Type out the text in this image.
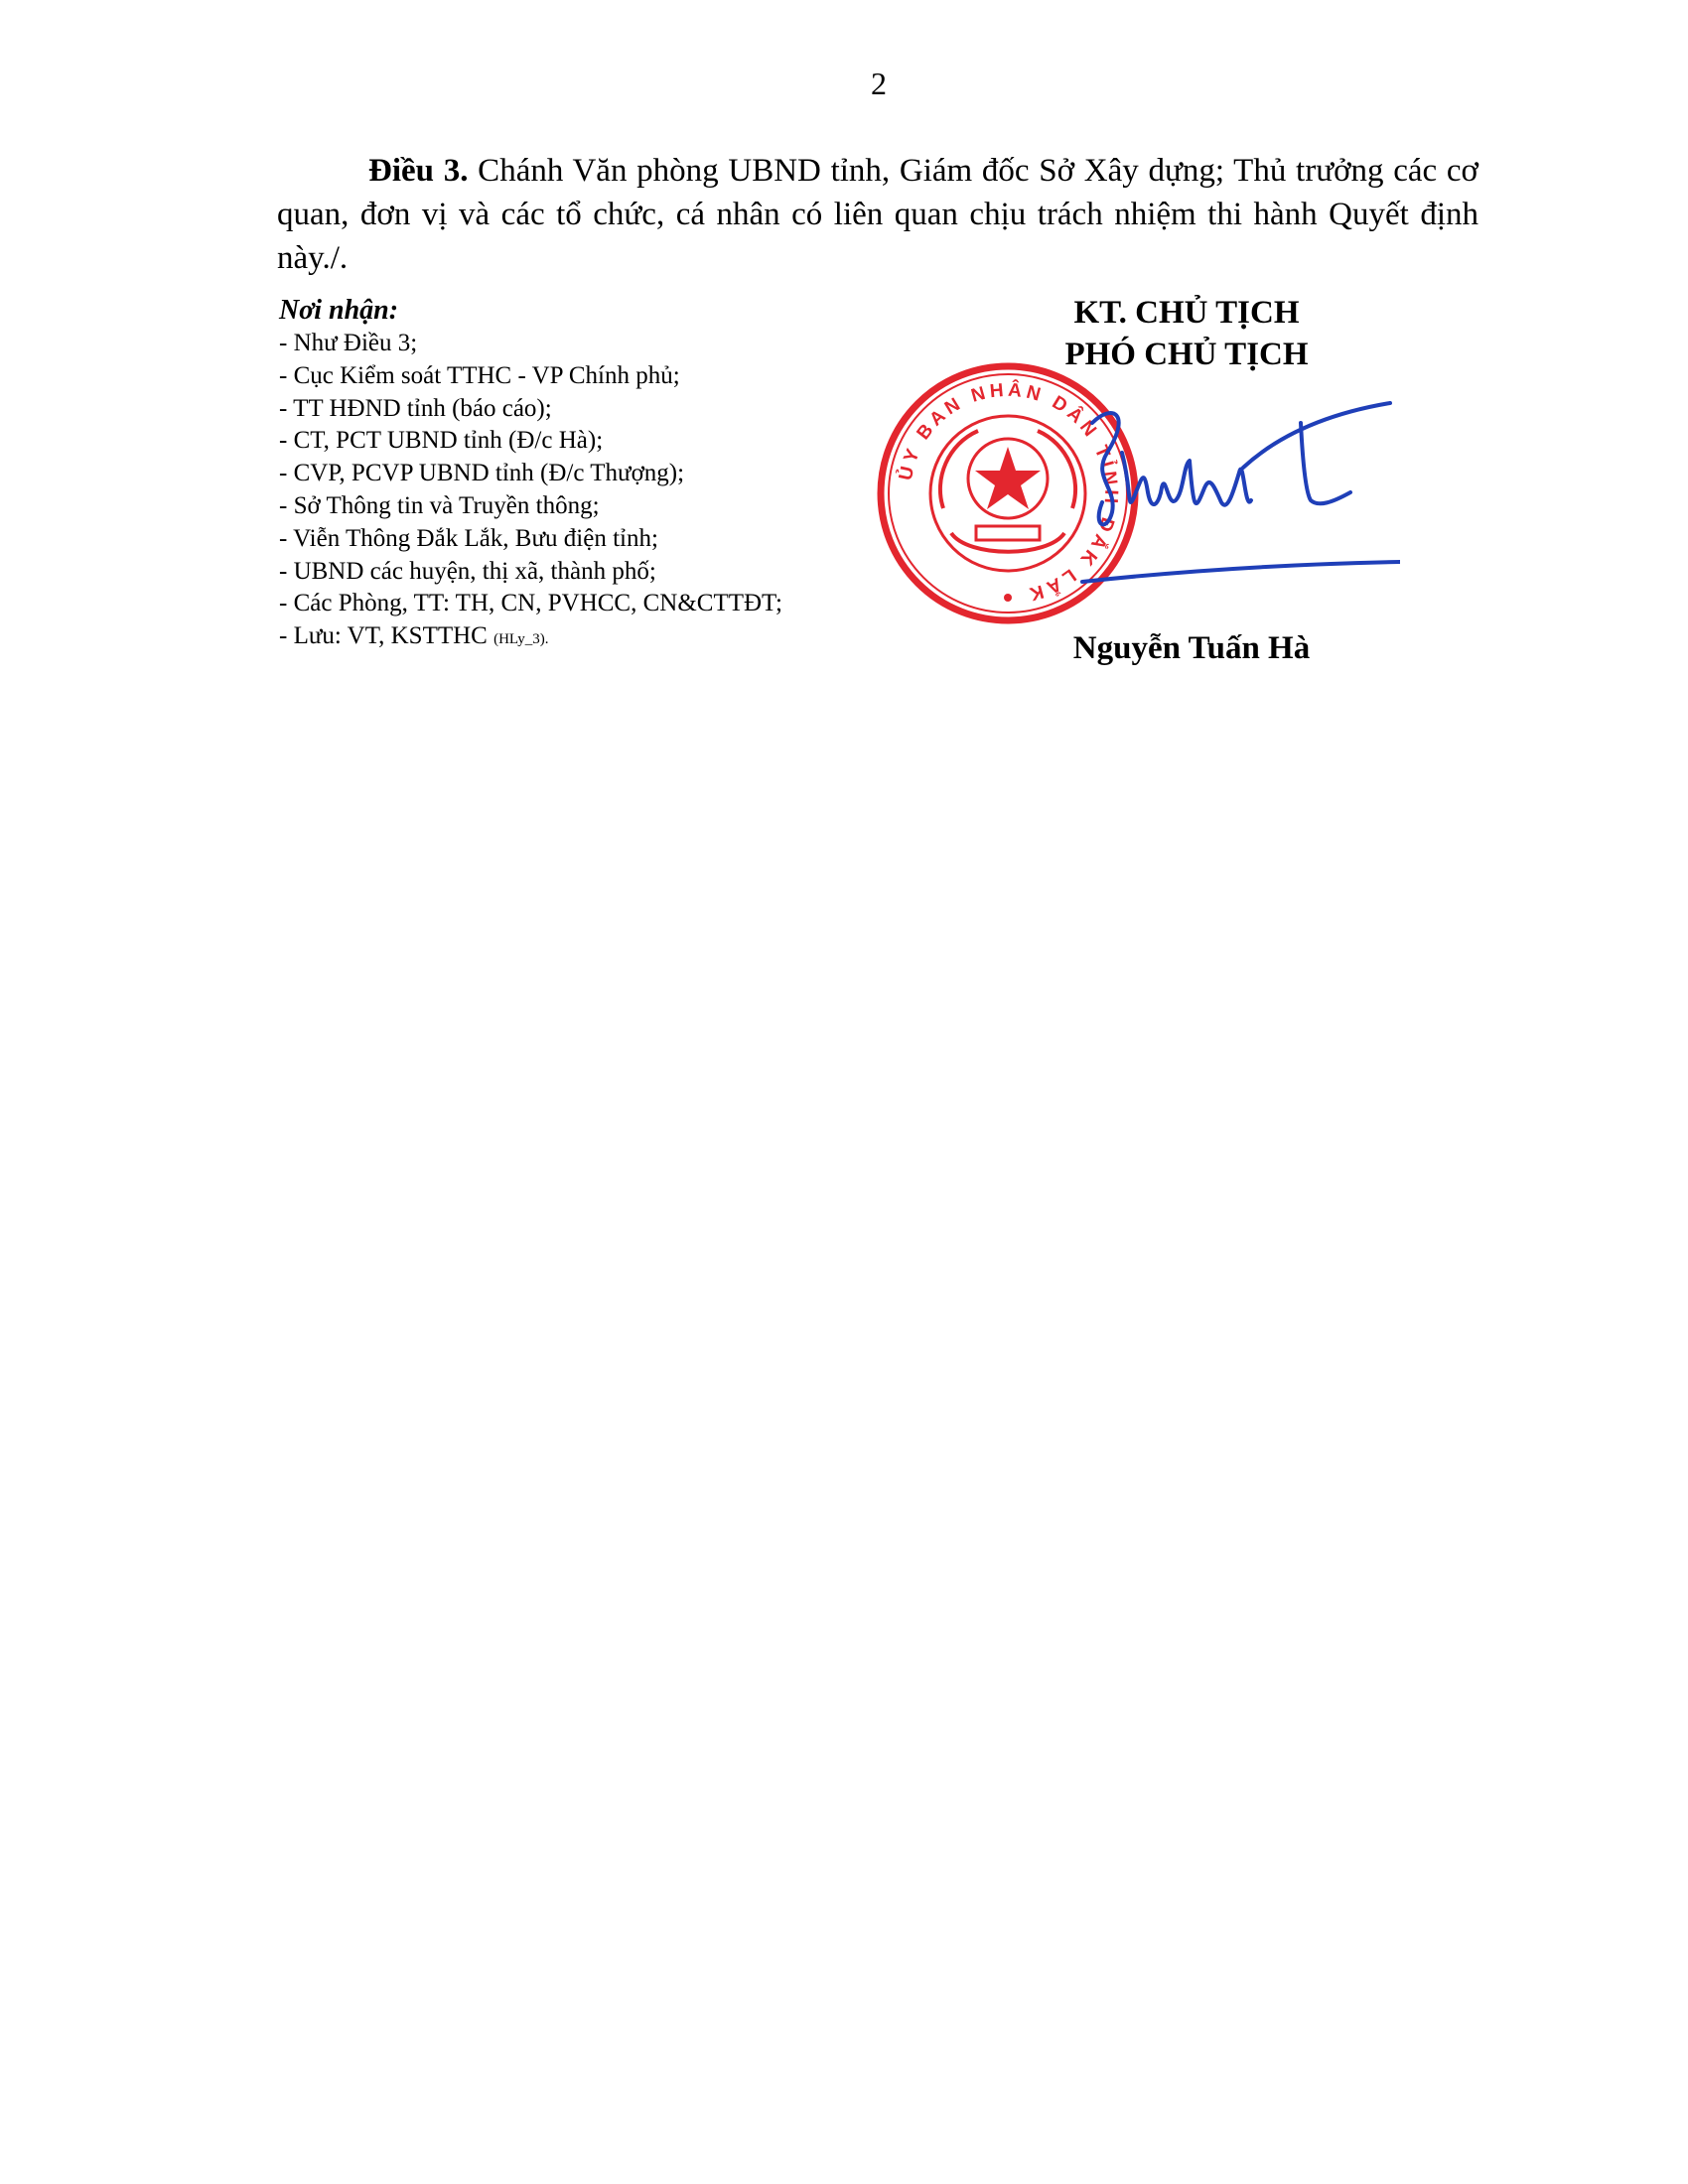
2
Điều 3. Chánh Văn phòng UBND tỉnh, Giám đốc Sở Xây dựng; Thủ trưởng các cơ quan, đơn vị và các tổ chức, cá nhân có liên quan chịu trách nhiệm thi hành Quyết định này./.
Nơi nhận:
- Như Điều 3;
- Cục Kiểm soát TTHC - VP Chính phủ;
- TT HĐND tỉnh (báo cáo);
- CT, PCT UBND tỉnh (Đ/c Hà);
- CVP, PCVP UBND tỉnh (Đ/c Thượng);
- Sở Thông tin và Truyền thông;
- Viễn Thông Đắk Lắk, Bưu điện tỉnh;
- UBND các huyện, thị xã, thành phố;
- Các Phòng, TT: TH, CN, PVHCC, CN&CTTĐT;
- Lưu: VT, KSTTHC (HLy_3).
KT. CHỦ TỊCH
PHÓ CHỦ TỊCH
ỦY BAN NHÂN DÂN TỈNH ĐẮK LẮK
Nguyễn Tuấn Hà
